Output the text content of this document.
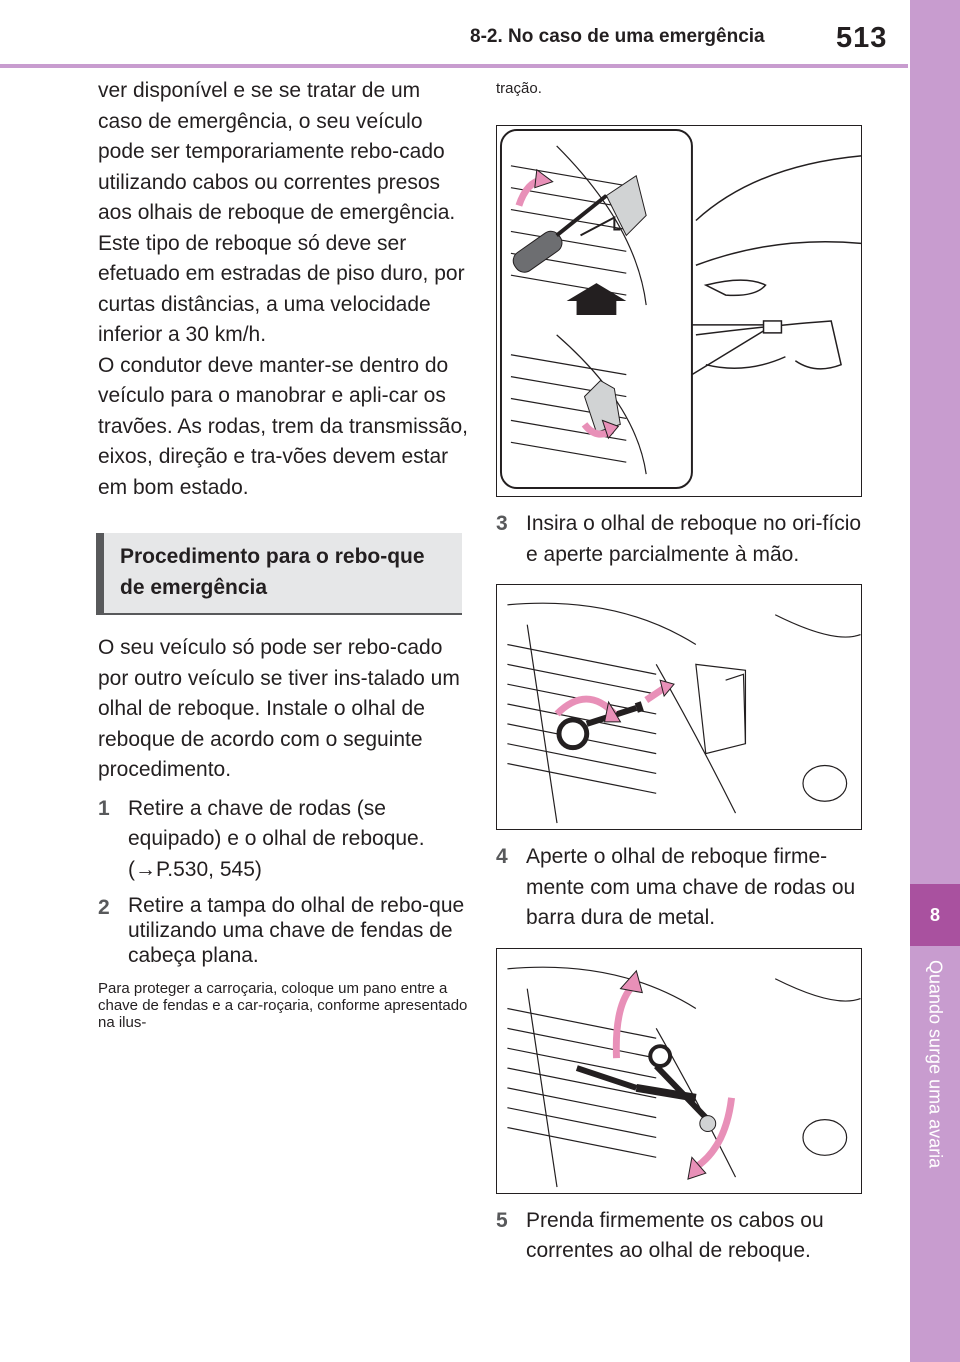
8-2. No caso de uma emergência 513
8
Quando surge uma avaria

ver disponível e se se tratar de um caso de emergência, o seu veículo pode ser temporariamente rebo-cado utilizando cabos ou correntes presos aos olhais de reboque de emergência. Este tipo de reboque só deve ser efetuado em estradas de piso duro, por curtas distâncias, a uma velocidade inferior a 30 km/h.

O condutor deve manter-se dentro do veículo para o manobrar e apli-car os travões. As rodas, trem da transmissão, eixos, direção e tra-vões devem estar em bom estado.

Procedimento para o rebo-que de emergência

O seu veículo só pode ser rebo-cado por outro veículo se tiver ins-talado um olhal de reboque. Instale o olhal de reboque de acordo com o seguinte procedimento.

1 Retire a chave de rodas (se equipado) e o olhal de reboque. (→P.530, 545)
2 Retire a tampa do olhal de rebo-que utilizando uma chave de fendas de cabeça plana.
Para proteger a carroçaria, coloque um pano entre a chave de fendas e a car-roçaria, conforme apresentado na ilus-
tração.
3 Insira o olhal de reboque no ori-fício e aperte parcialmente à mão.
4 Aperte o olhal de reboque firme-mente com uma chave de rodas ou barra dura de metal.
5 Prenda firmemente os cabos ou correntes ao olhal de reboque.
